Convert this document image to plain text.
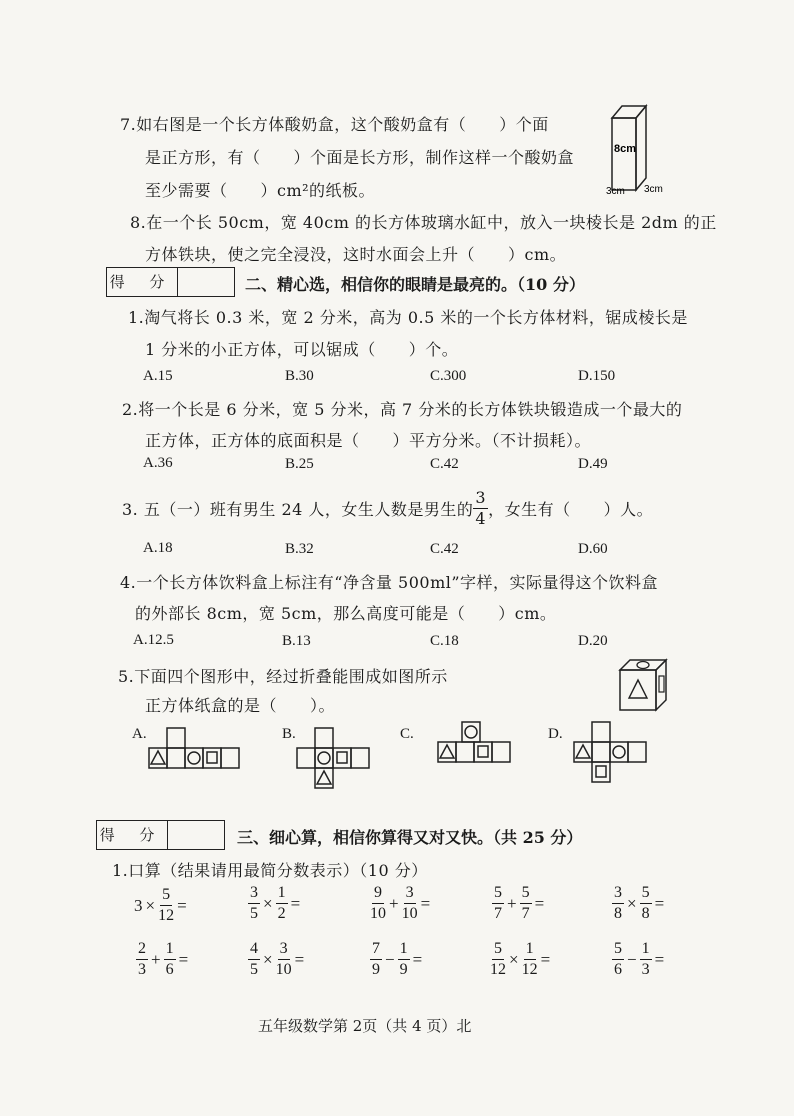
7.如右图是一个长方体酸奶盒，这个酸奶盒有（　　）个面
是正方形，有（　　）个面是长方形，制作这样一个酸奶盒
至少需要（　　）cm²的纸板。
8cm
3cm 3cm
8.在一个长 50cm，宽 40cm 的长方体玻璃水缸中，放入一块棱长是 2dm 的正
方体铁块，使之完全浸没，这时水面会上升（　　）cm。
得 分	二、精心选，相信你的眼睛是最亮的。（10 分）
1.淘气将长 0.3 米，宽 2 分米，高为 0.5 米的一个长方体材料，锯成棱长是
1 分米的小正方体，可以锯成（　　）个。
A.15	B.30	C.300	D.150
2.将一个长是 6 分米，宽 5 分米，高 7 分米的长方体铁块锻造成一个最大的
正方体，正方体的底面积是（　　）平方分米。（不计损耗）。
A.36	B.25	C.42	D.49
3. 五（一）班有男生 24 人，女生人数是男生的 $\frac{3}{4}$ ，女生有（　　）人。
A.18	B.32	C.42	D.60
4.一个长方体饮料盒上标注有“净含量 500ml”字样，实际量得这个饮料盒
的外部长 8cm，宽 5cm，那么高度可能是（　　）cm。
A.12.5	B.13	C.18	D.20
5.下面四个图形中，经过折叠能围成如图所示
正方体纸盒的是（　　）。
A.	B.	C.	D.
得 分	三、细心算，相信你算得又对又快。（共 25 分）
1.口算（结果请用最简分数表示）（10 分）
$3 \times \frac{5}{12}$ =	$\frac{3}{5} \times \frac{1}{2}$ =	$\frac{9}{10} + \frac{3}{10}$ =	$\frac{5}{7} + \frac{5}{7}$ =	$\frac{3}{8} \times \frac{5}{8}$ =
$\frac{2}{3} + \frac{1}{6}$ =	$\frac{4}{5} \times \frac{3}{10}$ =	$\frac{7}{9} - \frac{1}{9}$ =	$\frac{5}{12} \times \frac{1}{12}$ =	$\frac{5}{6} - \frac{1}{3}$ =
五年级数学第 2页（共 4 页）北
